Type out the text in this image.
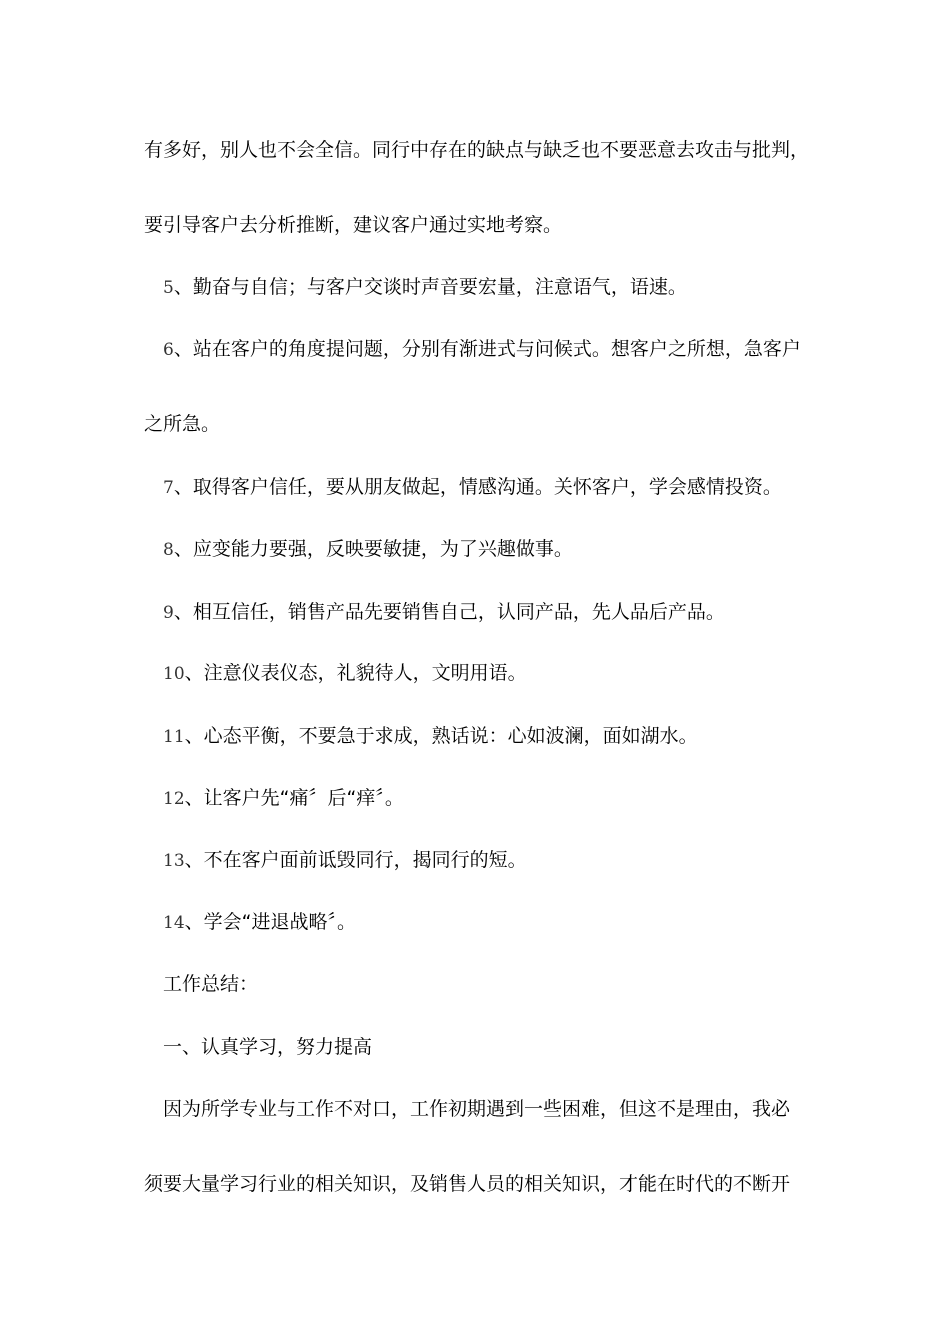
有多好，别人也不会全信。同行中存在的缺点与缺乏也不要恶意去攻击与批判，
要引导客户去分析推断，建议客户通过实地考察。
5、勤奋与自信；与客户交谈时声音要宏量，注意语气，语速。
6、站在客户的角度提问题，分别有渐进式与问候式。想客户之所想，急客户
之所急。
7、取得客户信任，要从朋友做起，情感沟通。关怀客户，学会感情投资。
8、应变能力要强，反映要敏捷，为了兴趣做事。
9、相互信任，销售产品先要销售自己，认同产品，先人品后产品。
10、注意仪表仪态，礼貌待人，文明用语。
11、心态平衡，不要急于求成，熟话说：心如波澜，面如湖水。
12、让客户先“痛〞后“痒〞。
13、不在客户面前诋毁同行，揭同行的短。
14、学会“进退战略〞。
工作总结：
一、认真学习，努力提高
因为所学专业与工作不对口，工作初期遇到一些困难，但这不是理由，我必
须要大量学习行业的相关知识，及销售人员的相关知识，才能在时代的不断开
